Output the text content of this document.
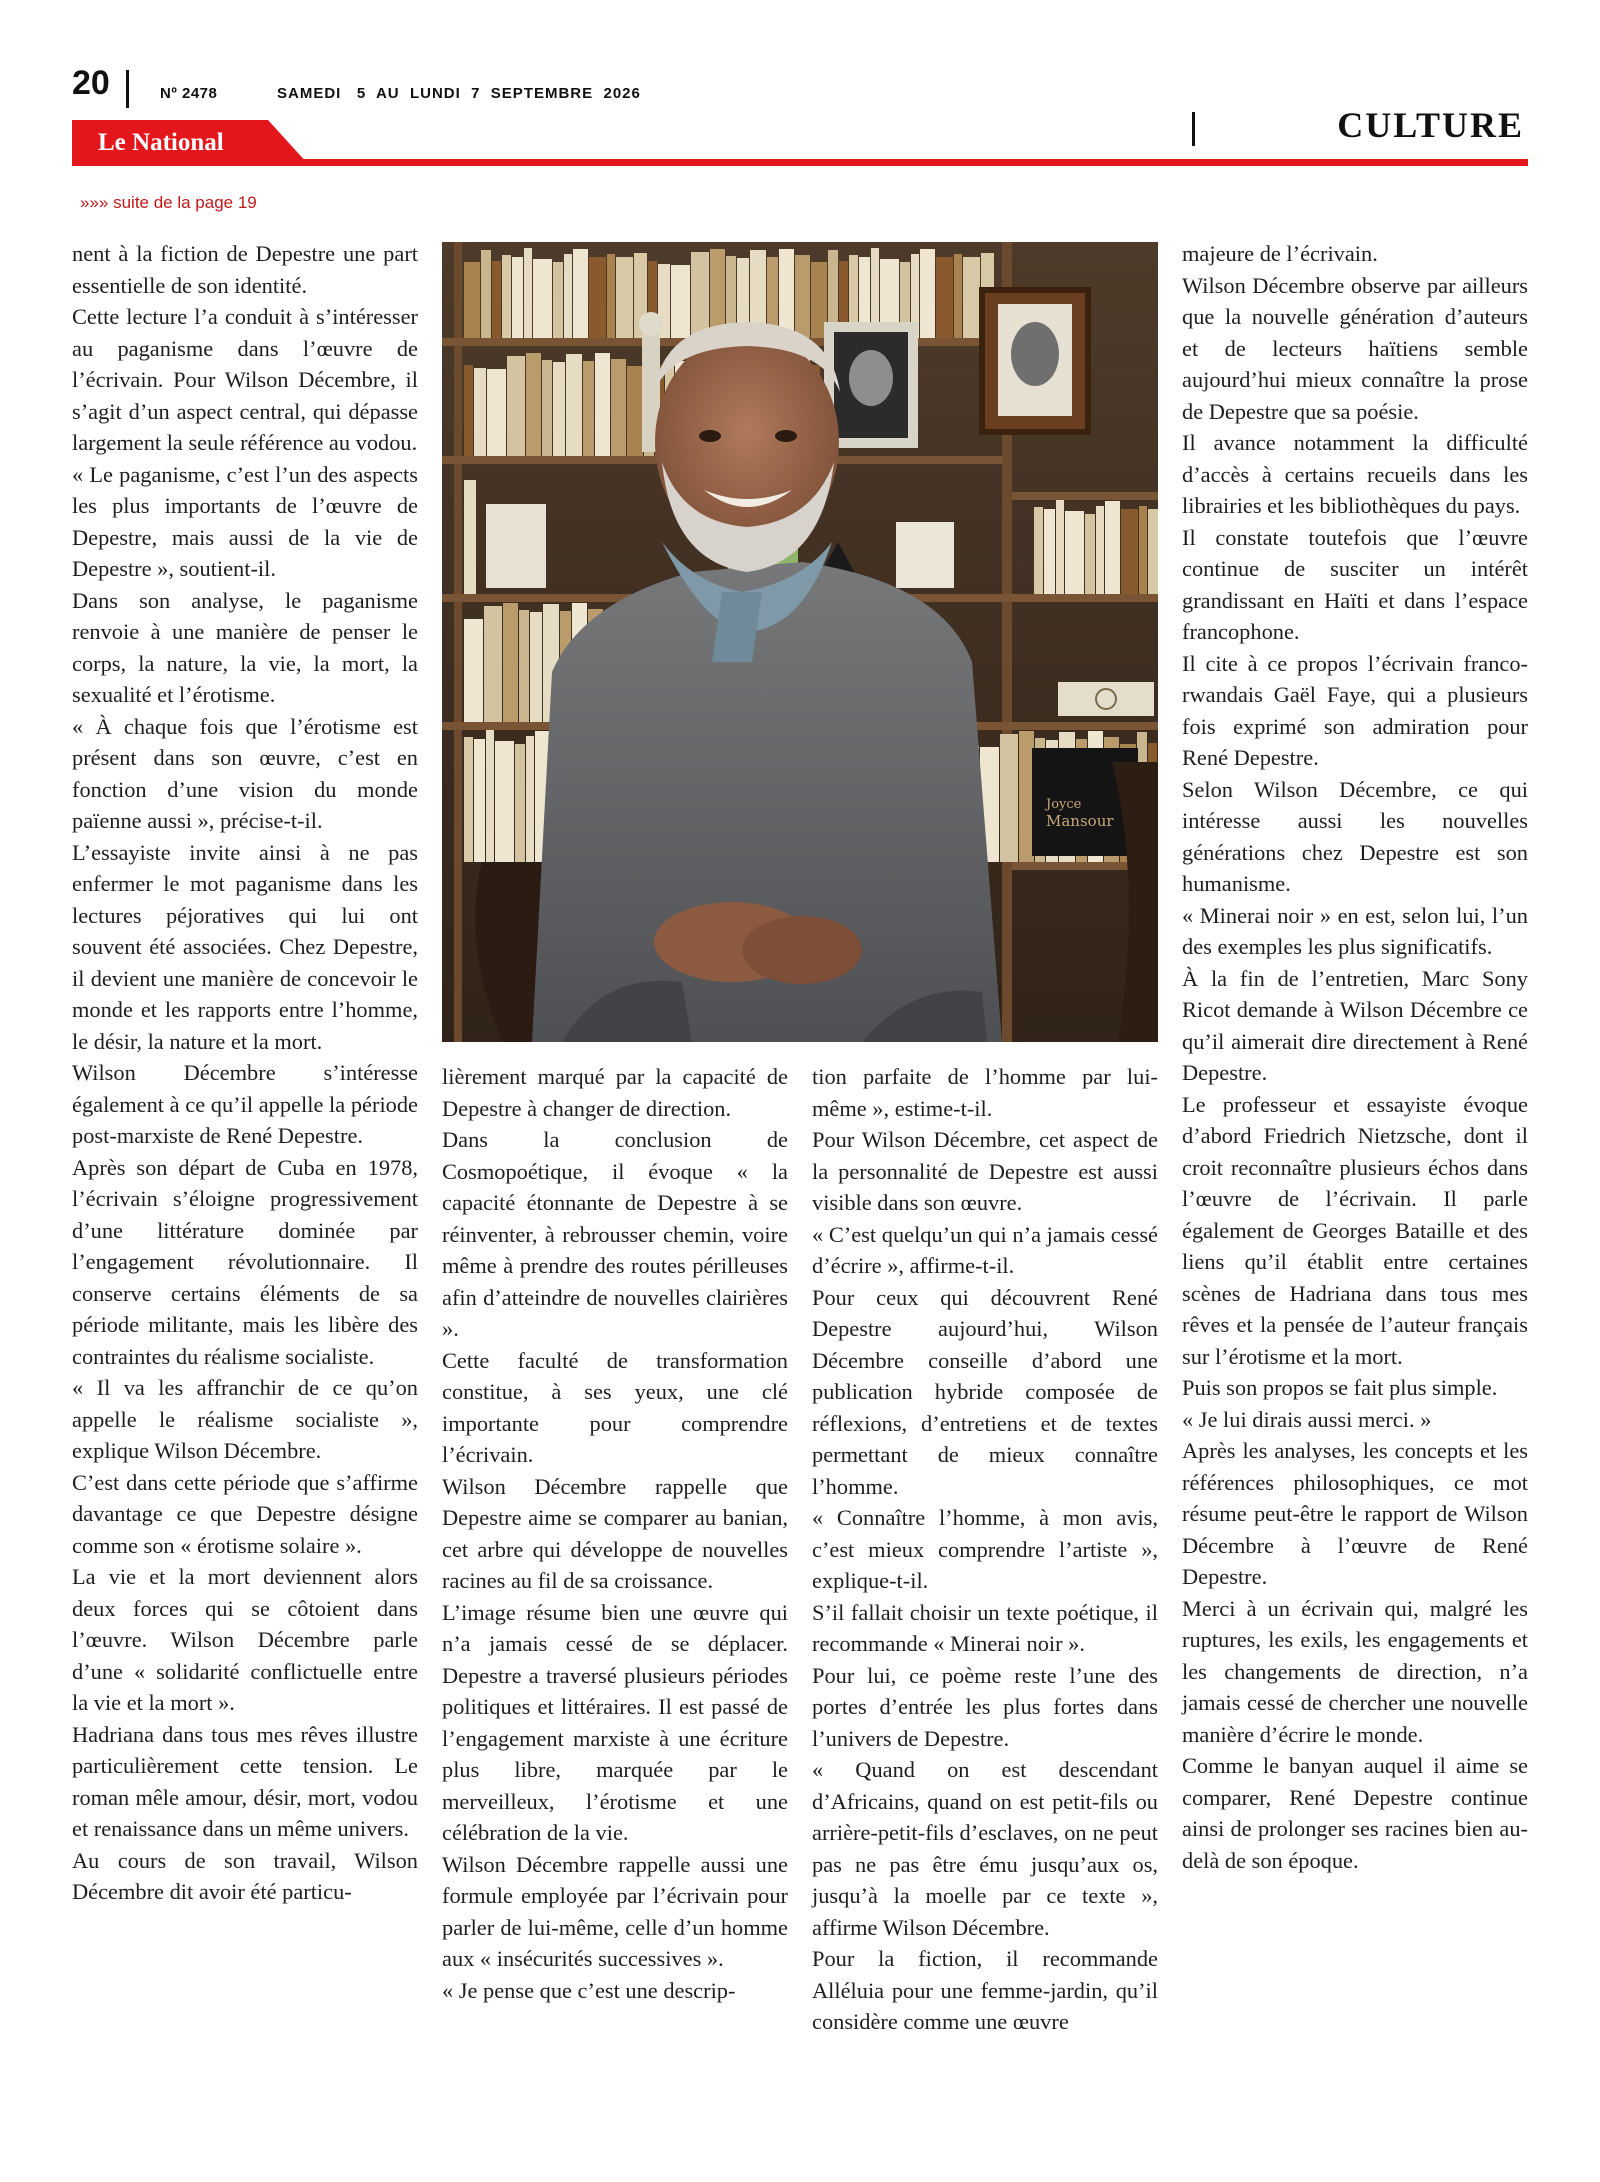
20	Nº 2478	SAMEDI   5  AU  LUNDI  7  SEPTEMBRE  2026
CULTURE
Le National
»»» suite de la page 19

nent à la fiction de Depestre une part essentielle de son identité.

Cette lecture l’a conduit à s’intéresser au paganisme dans l’œuvre de l’écrivain. Pour Wilson Décembre, il s’agit d’un aspect central, qui dépasse largement la seule référence au vodou.

« Le paganisme, c’est l’un des aspects les plus importants de l’œuvre de Depestre, mais aussi de la vie de Depestre », soutient-il.

Dans son analyse, le paganisme renvoie à une manière de penser le corps, la nature, la vie, la mort, la sexualité et l’érotisme.

« À chaque fois que l’érotisme est présent dans son œuvre, c’est en fonction d’une vision du monde païenne aussi », précise-t-il.

L’essayiste invite ainsi à ne pas enfermer le mot paganisme dans les lectures péjoratives qui lui ont souvent été associées. Chez Depestre, il devient une manière de concevoir le monde et les rapports entre l’homme, le désir, la nature et la mort.

Wilson Décembre s’intéresse également à ce qu’il appelle la période post-marxiste de René Depestre.

Après son départ de Cuba en 1978, l’écrivain s’éloigne progressivement d’une littérature dominée par l’engagement révolutionnaire. Il conserve certains éléments de sa période militante, mais les libère des contraintes du réalisme socialiste.

« Il va les affranchir de ce qu’on appelle le réalisme socialiste », explique Wilson Décembre.

C’est dans cette période que s’affirme davantage ce que Depestre désigne comme son « érotisme solaire ».

La vie et la mort deviennent alors deux forces qui se côtoient dans l’œuvre. Wilson Décembre parle d’une « solidarité conflictuelle entre la vie et la mort ».

Hadriana dans tous mes rêves illustre particulièrement cette tension. Le roman mêle amour, désir, mort, vodou et renaissance dans un même univers.

Au cours de son travail, Wilson Décembre dit avoir été particu-

lièrement marqué par la capacité de Depestre à changer de direction.

Dans la conclusion de Cosmopoétique, il évoque « la capacité étonnante de Depestre à se réinventer, à rebrousser chemin, voire même à prendre des routes périlleuses afin d’atteindre de nouvelles clairières ».

Cette faculté de transformation constitue, à ses yeux, une clé importante pour comprendre l’écrivain.

Wilson Décembre rappelle que Depestre aime se comparer au banian, cet arbre qui développe de nouvelles racines au fil de sa croissance.

L’image résume bien une œuvre qui n’a jamais cessé de se déplacer. Depestre a traversé plusieurs périodes politiques et littéraires. Il est passé de l’engagement marxiste à une écriture plus libre, marquée par le merveilleux, l’érotisme et une célébration de la vie.

Wilson Décembre rappelle aussi une formule employée par l’écrivain pour parler de lui-même, celle d’un homme aux « insécurités successives ».

« Je pense que c’est une descrip-

tion parfaite de l’homme par lui-même », estime-t-il.

Pour Wilson Décembre, cet aspect de la personnalité de Depestre est aussi visible dans son œuvre.

« C’est quelqu’un qui n’a jamais cessé d’écrire », affirme-t-il.

Pour ceux qui découvrent René Depestre aujourd’hui, Wilson Décembre conseille d’abord une publication hybride composée de réflexions, d’entretiens et de textes permettant de mieux connaître l’homme.

« Connaître l’homme, à mon avis, c’est mieux comprendre l’artiste », explique-t-il.

S’il fallait choisir un texte poétique, il recommande « Minerai noir ».

Pour lui, ce poème reste l’une des portes d’entrée les plus fortes dans l’univers de Depestre.

« Quand on est descendant d’Africains, quand on est petit-fils ou arrière-petit-fils d’esclaves, on ne peut pas ne pas être ému jusqu’aux os, jusqu’à la moelle par ce texte », affirme Wilson Décembre.

Pour la fiction, il recommande Alléluia pour une femme-jardin, qu’il considère comme une œuvre

majeure de l’écrivain.

Wilson Décembre observe par ailleurs que la nouvelle génération d’auteurs et de lecteurs haïtiens semble aujourd’hui mieux connaître la prose de Depestre que sa poésie.

Il avance notamment la difficulté d’accès à certains recueils dans les librairies et les bibliothèques du pays.

Il constate toutefois que l’œuvre continue de susciter un intérêt grandissant en Haïti et dans l’espace francophone.

Il cite à ce propos l’écrivain franco-rwandais Gaël Faye, qui a plusieurs fois exprimé son admiration pour René Depestre.

Selon Wilson Décembre, ce qui intéresse aussi les nouvelles générations chez Depestre est son humanisme.

« Minerai noir » en est, selon lui, l’un des exemples les plus significatifs.

À la fin de l’entretien, Marc Sony Ricot demande à Wilson Décembre ce qu’il aimerait dire directement à René Depestre.

Le professeur et essayiste évoque d’abord Friedrich Nietzsche, dont il croit reconnaître plusieurs échos dans l’œuvre de l’écrivain. Il parle également de Georges Bataille et des liens qu’il établit entre certaines scènes de Hadriana dans tous mes rêves et la pensée de l’auteur français sur l’érotisme et la mort.

Puis son propos se fait plus simple.

« Je lui dirais aussi merci. »

Après les analyses, les concepts et les références philosophiques, ce mot résume peut-être le rapport de Wilson Décembre à l’œuvre de René Depestre.

Merci à un écrivain qui, malgré les ruptures, les exils, les engagements et les changements de direction, n’a jamais cessé de chercher une nouvelle manière d’écrire le monde.

Comme le banyan auquel il aime se comparer, René Depestre continue ainsi de prolonger ses racines bien au-delà de son époque.

Joyce
Mansour
